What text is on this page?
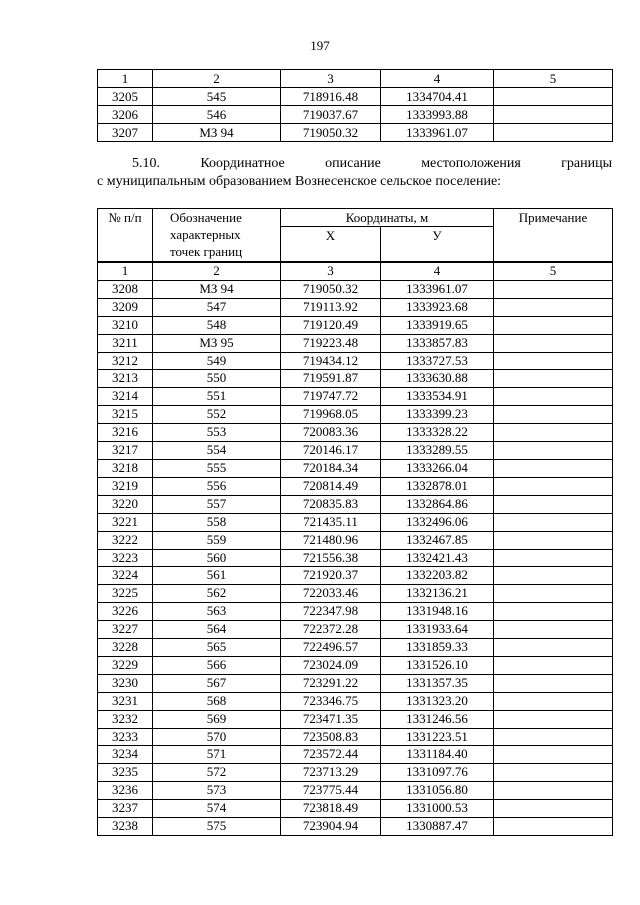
197
1	2	3	4	5
3205	545	718916.48	1334704.41	
3206	546	719037.67	1333993.88	
3207	МЗ 94	719050.32	1333961.07	
5.10.	Координатное	описание	местоположения	границы
с муниципальным образованием Вознесенское сельское поселение:
№ п/п	Обозначение
характерных
точек границ	Координаты, м		Примечание
		Х	У	
1	2	3	4	5
3208	МЗ 94	719050.32	1333961.07	
3209	547	719113.92	1333923.68	
3210	548	719120.49	1333919.65	
3211	МЗ 95	719223.48	1333857.83	
3212	549	719434.12	1333727.53	
3213	550	719591.87	1333630.88	
3214	551	719747.72	1333534.91	
3215	552	719968.05	1333399.23	
3216	553	720083.36	1333328.22	
3217	554	720146.17	1333289.55	
3218	555	720184.34	1333266.04	
3219	556	720814.49	1332878.01	
3220	557	720835.83	1332864.86	
3221	558	721435.11	1332496.06	
3222	559	721480.96	1332467.85	
3223	560	721556.38	1332421.43	
3224	561	721920.37	1332203.82	
3225	562	722033.46	1332136.21	
3226	563	722347.98	1331948.16	
3227	564	722372.28	1331933.64	
3228	565	722496.57	1331859.33	
3229	566	723024.09	1331526.10	
3230	567	723291.22	1331357.35	
3231	568	723346.75	1331323.20	
3232	569	723471.35	1331246.56	
3233	570	723508.83	1331223.51	
3234	571	723572.44	1331184.40	
3235	572	723713.29	1331097.76	
3236	573	723775.44	1331056.80	
3237	574	723818.49	1331000.53	
3238	575	723904.94	1330887.47	
